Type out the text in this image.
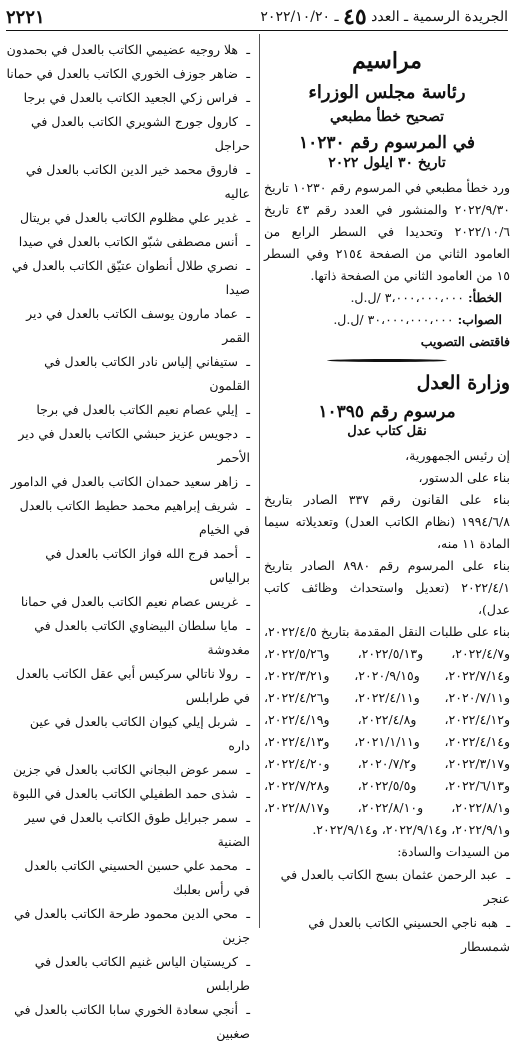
الجريدة الرسمية ـ العدد ٤٥ ـ ٢٠٢٢/١٠/٢٠
٢٢٢١

مراسيم

رئاسة مجلس الوزراء

تصحيح خطأ مطبعي

في المرسوم رقم ١٠٢٣٠

تاريخ ٣٠ ايلول ٢٠٢٢

ورد خطأ مطبعي في المرسوم رقم ١٠٢٣٠ تاريخ ٢٠٢٢/٩/٣٠ والمنشور في العدد رقم ٤٣ تاريخ ٢٠٢٢/١٠/٦ وتحديدا في السطر الرابع من العامود الثاني من الصفحة ٢١٥٤ وفي السطر ١٥ من العامود الثاني من الصفحة ذاتها.

الخطأ: ٣،٠٠٠،٠٠٠،٠٠٠ /ل.ل.

الصواب: ٣٠،٠٠٠،٠٠٠،٠٠٠ /ل.ل.

فاقتضى التصويب

وزارة العدل

مرسوم رقم ١٠٣٩٥

نقل كتاب عدل

إن رئيس الجمهورية،

بناء على الدستور،

بناء على القانون رقم ٣٣٧ الصادر بتاريخ ١٩٩٤/٦/٨ (نظام الكاتب العدل) وتعديلاته سيما المادة ١١ منه،

بناء على المرسوم رقم ٨٩٨٠ الصادر بتاريخ ٢٠٢٢/٤/١ (تعديل واستحداث وظائف كاتب عدل)،

بناء على طلبات النقل المقدمة بتاريخ ٢٠٢٢/٤/٥، و٢٠٢٢/٤/٧، و٢٠٢٢/٥/١٣، و٢٠٢٢/٥/٢٦، و٢٠٢٢/٧/١٤، و٢٠٢٠/٩/١٥، و٢٠٢٢/٣/٢١، و٢٠٢٠/٧/١١، و٢٠٢٢/٤/١١، و٢٠٢٢/٤/٢٦، و٢٠٢٢/٤/١٢، و٢٠٢٢/٤/٨، و٢٠٢٢/٤/١٩، و٢٠٢٢/٤/١٤، و٢٠٢١/١/١١، و٢٠٢٢/٤/١٣، و٢٠٢٢/٣/١٧، و٢٠٢٠/٧/٢، و٢٠٢٢/٤/٢٠، و٢٠٢٢/٦/١٣، و٢٠٢٢/٥/٥، و٢٠٢٢/٧/٢٨، و٢٠٢٢/٨/١، و٢٠٢٢/٨/١٠، و٢٠٢٢/٨/١٧، و٢٠٢٢/٩/١، و٢٠٢٢/٩/١٤، و٢٠٢٢/٩/١٤.

من السيدات والسادة:

ـعبد الرحمن عثمان بسج الكاتب بالعدل في عنجر
ـهبه ناجي الحسيني الكاتب بالعدل في شمسطار
ـهلا روجيه عضيمي الكاتب بالعدل في بحمدون
ـضاهر جوزف الخوري الكاتب بالعدل في حمانا
ـفراس زكي الجعيد الكاتب بالعدل في برجا
ـكارول جورج الشويري الكاتب بالعدل في حراجل
ـفاروق محمد خير الدين الكاتب بالعدل في عاليه
ـغدير علي مظلوم الكاتب بالعدل في بريتال
ـأنس مصطفى شبّو الكاتب بالعدل في صيدا
ـنصري طلال أنطوان عتيّق الكاتب بالعدل في صيدا
ـعماد مارون يوسف الكاتب بالعدل في دير القمر
ـستيفاني إلياس نادر الكاتب بالعدل في القلمون
ـإيلي عصام نعيم الكاتب بالعدل في برجا
ـدجويس عزيز حبشي الكاتب بالعدل في دير الأحمر
ـزاهر سعيد حمدان الكاتب بالعدل في الدامور
ـشريف إبراهيم محمد حطيط الكاتب بالعدل في الخيام
ـأحمد فرج الله فواز الكاتب بالعدل في برالياس
ـغريس عصام نعيم الكاتب بالعدل في حمانا
ـمايا سلطان البيضاوي الكاتب بالعدل في مغدوشة
ـرولا ناتالي سركيس أبي عقل الكاتب بالعدل في طرابلس
ـشربل إيلي كيوان الكاتب بالعدل في عين داره
ـسمر عوض البجاني الكاتب بالعدل في جزين
ـشذى حمد الطفيلي الكاتب بالعدل في اللبوة
ـسمر جبرايل طوق الكاتب بالعدل في سير الضنية
ـمحمد علي حسين الحسيني الكاتب بالعدل في رأس بعلبك
ـمحي الدين محمود طرحة الكاتب بالعدل في جزين
ـكريستيان الياس غنيم الكاتب بالعدل في طرابلس
ـأنجي سعادة الخوري سابا الكاتب بالعدل في صغبين
